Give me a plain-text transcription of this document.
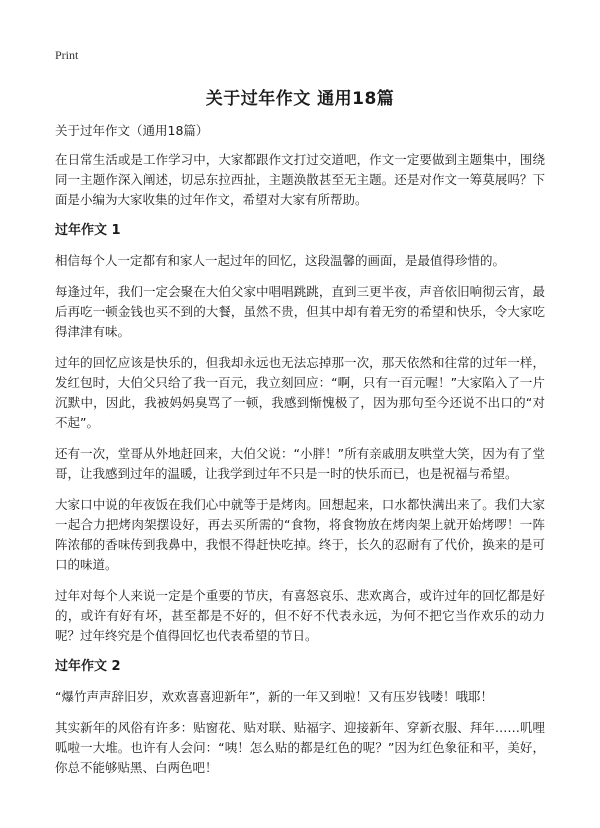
Print
关于过年作文 通用18篇
关于过年作文（通用18篇）

在日常生活或是工作学习中，大家都跟作文打过交道吧，作文一定要做到主题集中，围绕同一主题作深入阐述，切忌东拉西扯，主题涣散甚至无主题。还是对作文一筹莫展吗？下面是小编为大家收集的过年作文，希望对大家有所帮助。

过年作文 1

相信每个人一定都有和家人一起过年的回忆，这段温馨的画面，是最值得珍惜的。

每逢过年，我们一定会聚在大伯父家中唱唱跳跳，直到三更半夜，声音依旧响彻云宵，最后再吃一顿金钱也买不到的大餐，虽然不贵，但其中却有着无穷的希望和快乐，令大家吃得津津有味。

过年的回忆应该是快乐的，但我却永远也无法忘掉那一次，那天依然和往常的过年一样，发红包时，大伯父只给了我一百元，我立刻回应：“啊，只有一百元喔！”大家陷入了一片沉默中，因此，我被妈妈臭骂了一顿，我感到惭愧极了，因为那句至今还说不出口的“对不起”。

还有一次，堂哥从外地赶回来，大伯父说：“小胖！”所有亲戚朋友哄堂大笑，因为有了堂哥，让我感到过年的温暖，让我学到过年不只是一时的快乐而已，也是祝福与希望。

大家口中说的年夜饭在我们心中就等于是烤肉。回想起来，口水都快满出来了。我们大家一起合力把烤肉架摆设好，再去买所需的“食物，将食物放在烤肉架上就开始烤啰！一阵阵浓郁的香味传到我鼻中，我恨不得赶快吃掉。终于，长久的忍耐有了代价，换来的是可口的味道。

过年对每个人来说一定是个重要的节庆，有喜怒哀乐、悲欢离合，或许过年的回忆都是好的，或许有好有坏，甚至都是不好的，但不好不代表永远，为何不把它当作欢乐的动力呢？过年终究是个值得回忆也代表希望的节日。

过年作文 2

“爆竹声声辞旧岁，欢欢喜喜迎新年”，新的一年又到啦！又有压岁钱喽！哦耶！

其实新年的风俗有许多：贴窗花、贴对联、贴福字、迎接新年、穿新衣服、拜年……叽哩呱啦一大堆。也许有人会问：“咦！怎么贴的都是红色的呢？”因为红色象征和平，美好，你总不能够贴黑、白两色吧！
